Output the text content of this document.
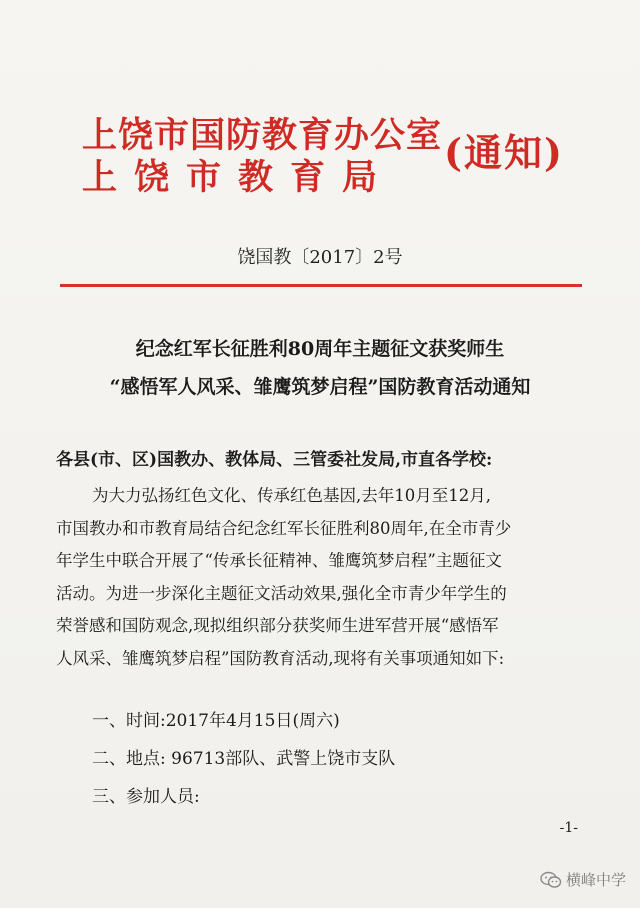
上饶市国防教育办公室
上饶市教育局
(通知)
饶国教〔2017〕2号
纪念红军长征胜利80周年主题征文获奖师生
“感悟军人风采、雏鹰筑梦启程”国防教育活动通知
各县(市、区)国教办、教体局、三管委社发局,市直各学校:
为大力弘扬红色文化、传承红色基因,去年10月至12月,
市国教办和市教育局结合纪念红军长征胜利80周年,在全市青少
年学生中联合开展了“传承长征精神、雏鹰筑梦启程”主题征文
活动。为进一步深化主题征文活动效果,强化全市青少年学生的
荣誉感和国防观念,现拟组织部分获奖师生进军营开展“感悟军
人风采、雏鹰筑梦启程”国防教育活动,现将有关事项通知如下:
一、时间:2017年4月15日(周六)
二、地点: 96713部队、武警上饶市支队
三、参加人员:
-1-
横峰中学
